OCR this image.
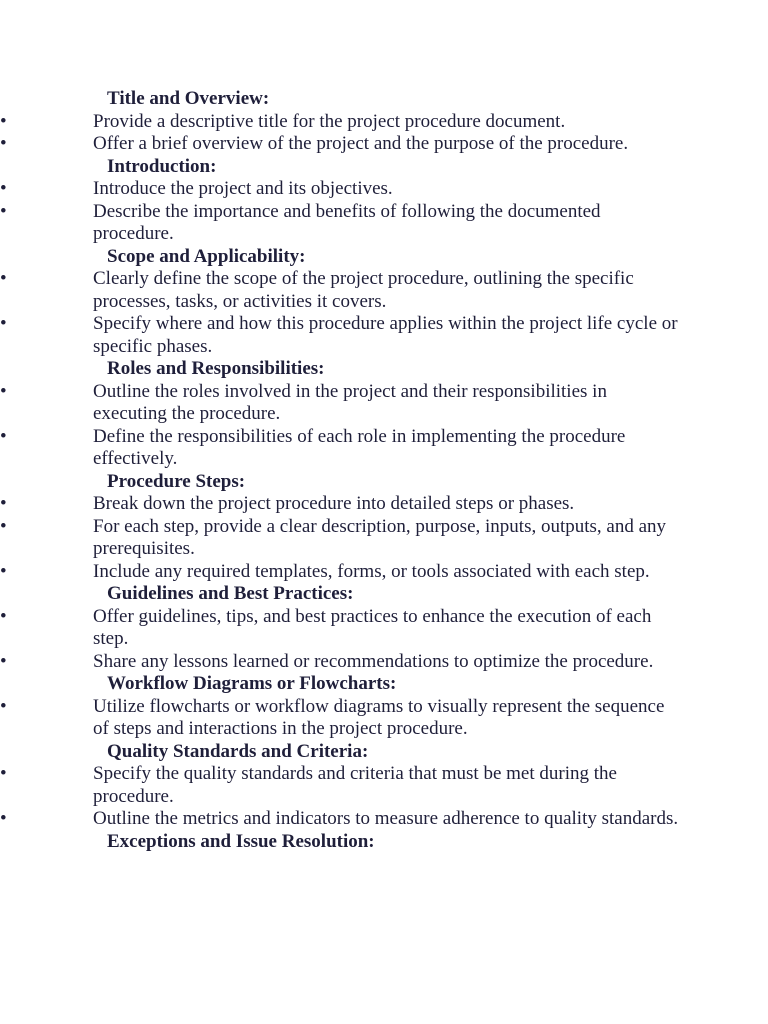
Title and Overview:
•	Provide a descriptive title for the project procedure document.
•	Offer a brief overview of the project and the purpose of the procedure.
Introduction:
•	Introduce the project and its objectives.
•	Describe the importance and benefits of following the documented procedure.
Scope and Applicability:
•	Clearly define the scope of the project procedure, outlining the specific processes, tasks, or activities it covers.
•	Specify where and how this procedure applies within the project life cycle or specific phases.
Roles and Responsibilities:
•	Outline the roles involved in the project and their responsibilities in executing the procedure.
•	Define the responsibilities of each role in implementing the procedure effectively.
Procedure Steps:
•	Break down the project procedure into detailed steps or phases.
•	For each step, provide a clear description, purpose, inputs, outputs, and any prerequisites.
•	Include any required templates, forms, or tools associated with each step.
Guidelines and Best Practices:
•	Offer guidelines, tips, and best practices to enhance the execution of each step.
•	Share any lessons learned or recommendations to optimize the procedure.
Workflow Diagrams or Flowcharts:
•	Utilize flowcharts or workflow diagrams to visually represent the sequence of steps and interactions in the project procedure.
Quality Standards and Criteria:
•	Specify the quality standards and criteria that must be met during the procedure.
•	Outline the metrics and indicators to measure adherence to quality standards.
Exceptions and Issue Resolution:
